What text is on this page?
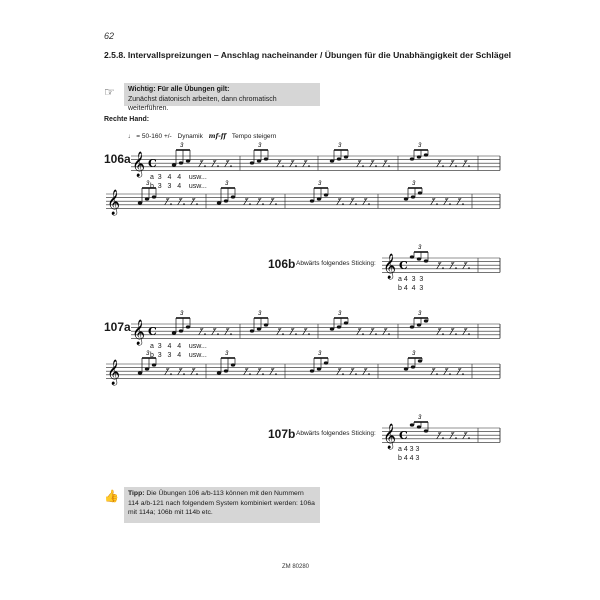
62
2.5.8. Intervallspreizungen – Anschlag nacheinander / Übungen für die Unabhängigkeit der Schlägel
☞ Wichtig: Für alle Übungen gilt:
Zunächst diatonisch arbeiten, dann chromatisch weiterführen.
Rechte Hand:
♩ = 50-160 +/- Dynamik mf-ff Tempo steigern
106a
a  3   4   4    usw...
b  3   3   4    usw...
106b Abwärts folgendes Sticking:
a 4  3  3
b 4  4  3
107a
a  3   4   4    usw...
b  3   3   4    usw...
107b Abwärts folgendes Sticking:
a 4 3 3
b 4 4 3
𝄞 C
3
⁄ ⁄ ⁄
3
⁄ ⁄ ⁄
3
⁄ ⁄ ⁄
3
⁄ ⁄ ⁄
𝄞
3
⁄ ⁄ ⁄
3
⁄ ⁄ ⁄
3
⁄ ⁄ ⁄
3
⁄ ⁄ ⁄
𝄞 C
3
⁄ ⁄ ⁄
𝄞 C
3
⁄ ⁄ ⁄
3
⁄ ⁄ ⁄
3
⁄ ⁄ ⁄
3
⁄ ⁄ ⁄
𝄞
3
⁄ ⁄ ⁄
3
⁄ ⁄ ⁄
3
⁄ ⁄ ⁄
3
⁄ ⁄ ⁄
𝄞 C
3
⁄ ⁄ ⁄
👍	Tipp: Die Übungen 106 a/b-113 können mit den Nummern 114 a/b-121 nach folgendem System kombiniert werden: 106a mit 114a; 106b mit 114b etc.
ZM 80280
